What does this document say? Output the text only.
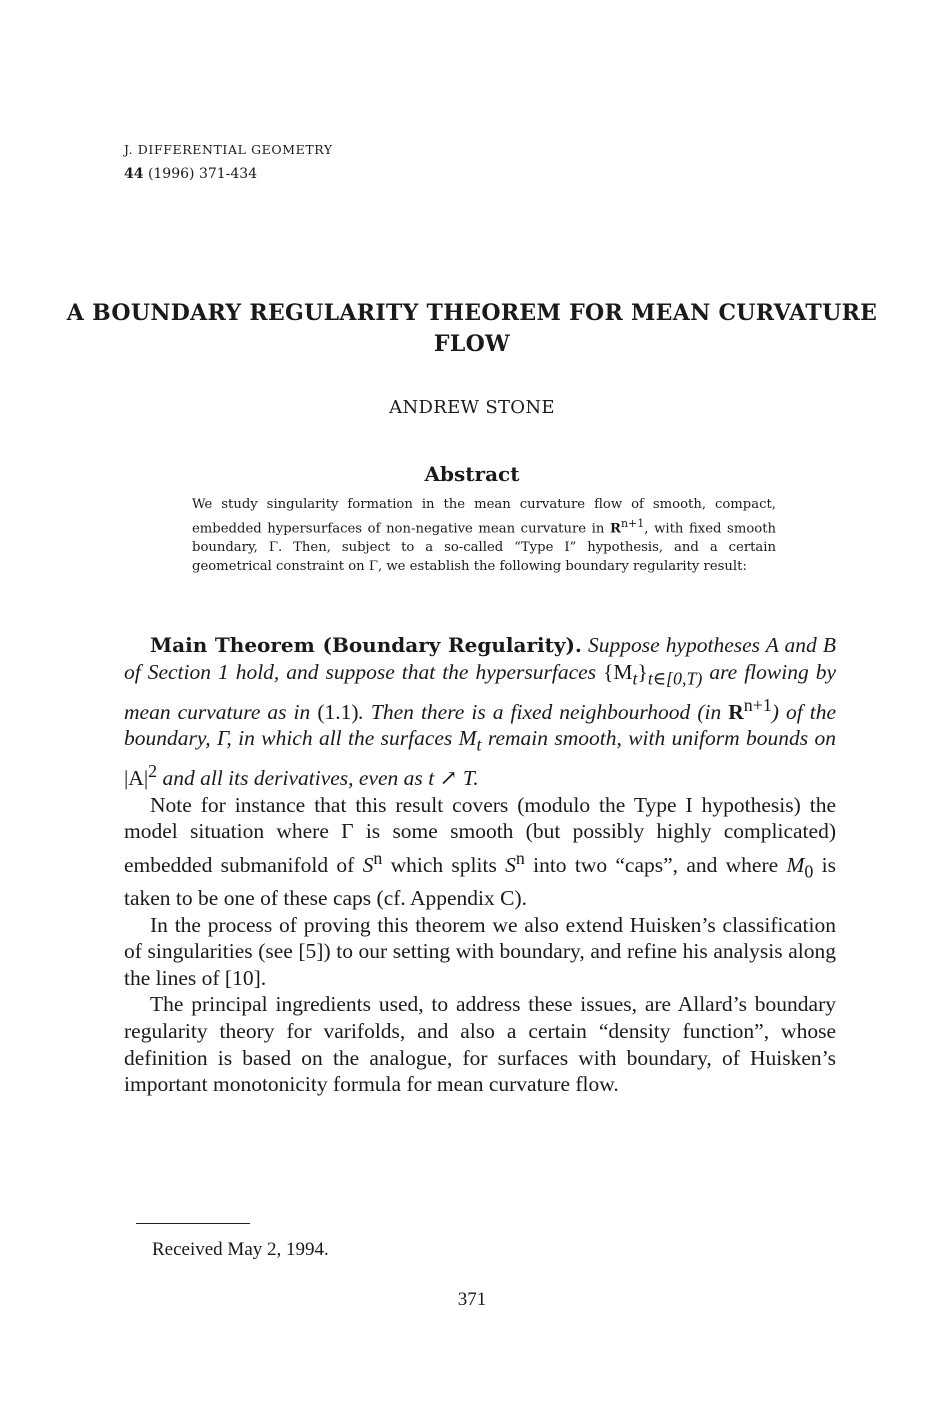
J. DIFFERENTIAL GEOMETRY
44 (1996) 371-434
A BOUNDARY REGULARITY THEOREM FOR MEAN CURVATURE FLOW
ANDREW STONE
Abstract
We study singularity formation in the mean curvature flow of smooth, compact, embedded hypersurfaces of non-negative mean curvature in $R^{n+1}$, with fixed smooth boundary, Γ. Then, subject to a so-called “Type I” hypothesis, and a certain geometrical constraint on Γ, we establish the following boundary regularity result:

Main Theorem (Boundary Regularity). Suppose hypotheses A and B of Section 1 hold, and suppose that the hypersurfaces $\{M_t\}_{t\in[0,T)}$ are flowing by mean curvature as in (1.1). Then there is a fixed neighbourhood (in $R^{n+1}$) of the boundary, Γ, in which all the surfaces $M_t$ remain smooth, with uniform bounds on $|A|^2$ and all its derivatives, even as t ↗ T.

Note for instance that this result covers (modulo the Type I hypothesis) the model situation where Γ is some smooth (but possibly highly complicated) embedded submanifold of $S^n$ which splits $S^n$ into two “caps”, and where $M_0$ is taken to be one of these caps (cf. Appendix C).

In the process of proving this theorem we also extend Huisken’s classification of singularities (see [5]) to our setting with boundary, and refine his analysis along the lines of [10].

The principal ingredients used, to address these issues, are Allard’s boundary regularity theory for varifolds, and also a certain “density function”, whose definition is based on the analogue, for surfaces with boundary, of Huisken’s important monotonicity formula for mean curvature flow.

Received May 2, 1994.
371
